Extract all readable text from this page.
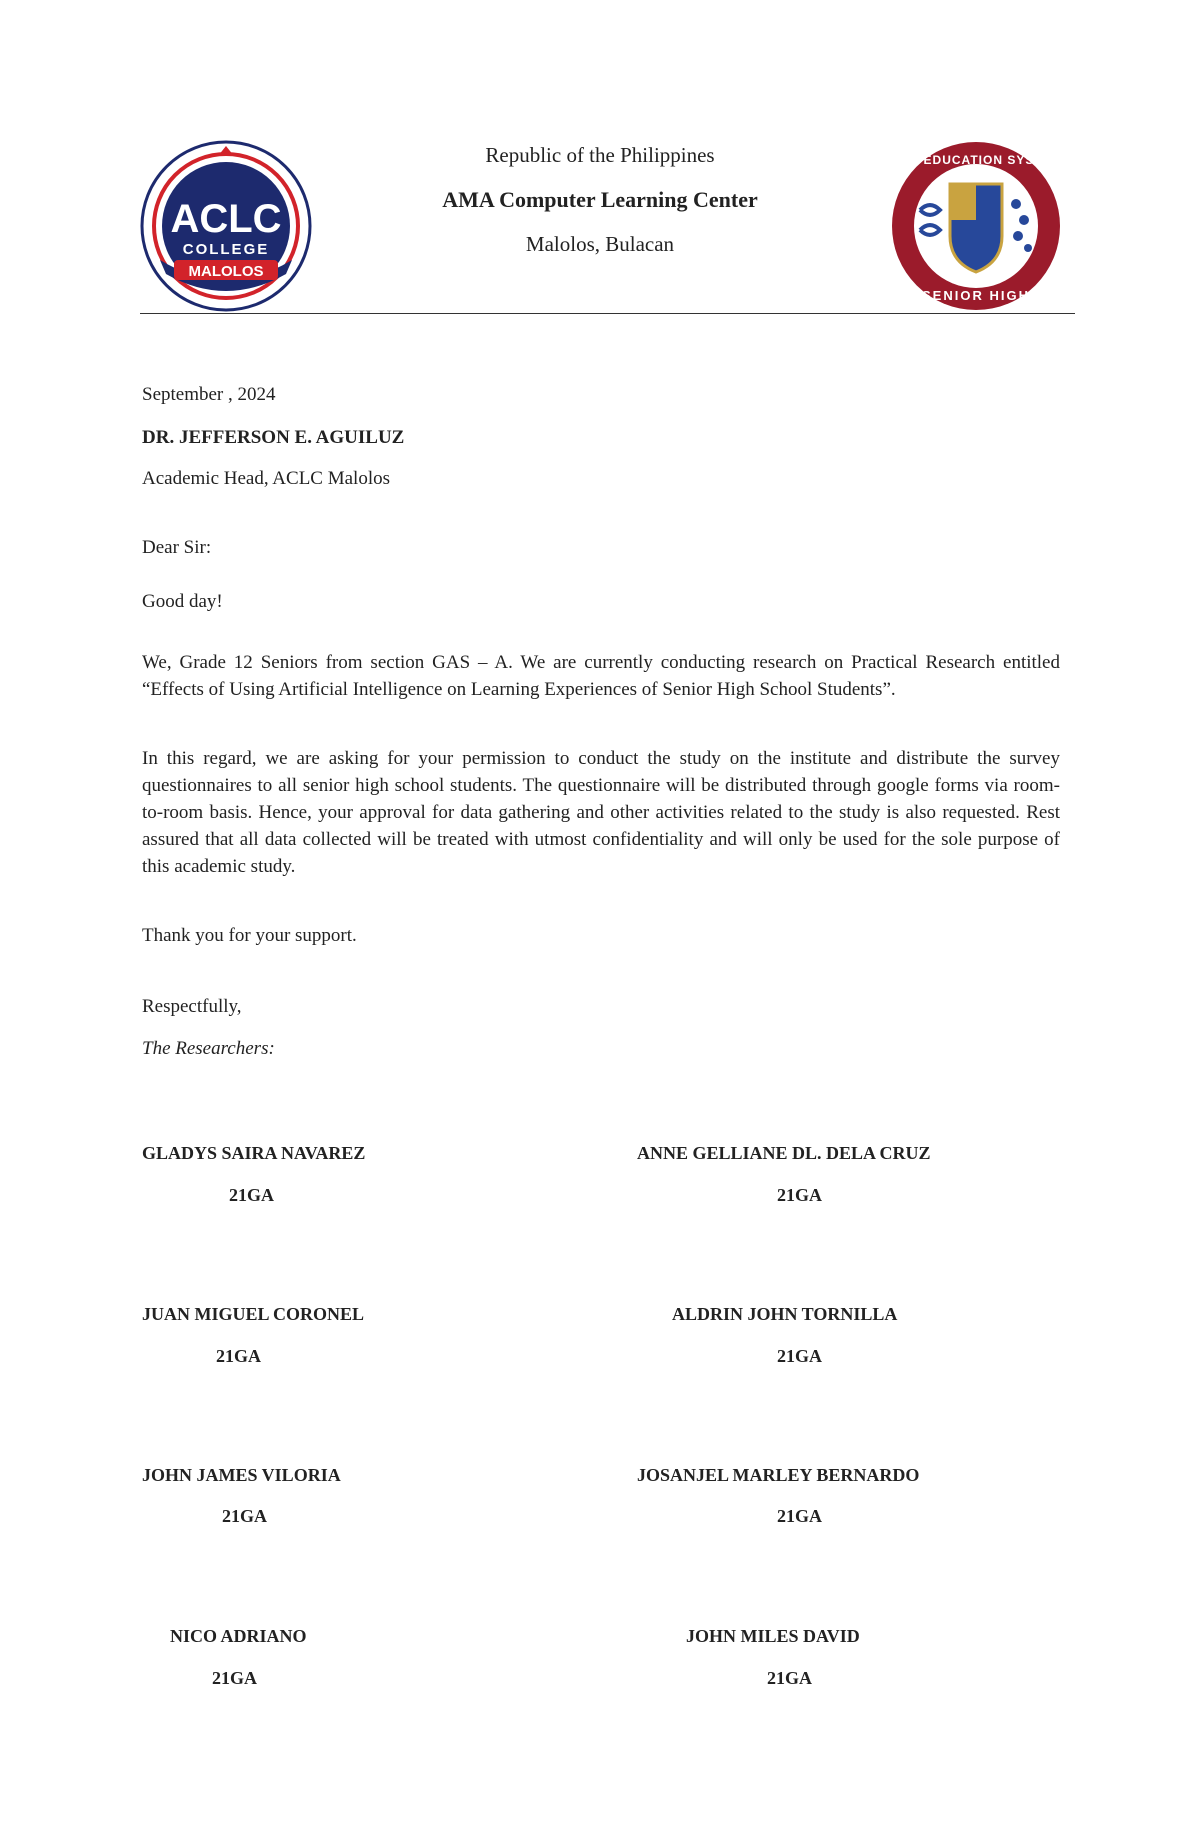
ACLC
COLLEGE
MALOLOS
Republic of the Philippines
AMA Computer Learning Center
Malolos, Bulacan
AMA EDUCATION SYSTEM
SENIOR HIGH
September , 2024
DR. JEFFERSON E. AGUILUZ
Academic Head, ACLC Malolos
Dear Sir:
Good day!
We, Grade 12 Seniors from section GAS – A. We are currently conducting research on Practical Research entitled “Effects of Using Artificial Intelligence on Learning Experiences of Senior High School Students”.
In this regard, we are asking for your permission to conduct the study on the institute and distribute the survey questionnaires to all senior high school students. The questionnaire will be distributed through google forms via room-to-room basis. Hence, your approval for data gathering and other activities related to the study is also requested. Rest assured that all data collected will be treated with utmost confidentiality and will only be used for the sole purpose of this academic study.
Thank you for your support.
Respectfully,
The Researchers:
GLADYS SAIRA NAVAREZ
21GA
ANNE GELLIANE DL. DELA CRUZ
21GA
JUAN MIGUEL CORONEL
21GA
ALDRIN JOHN TORNILLA
21GA
JOHN JAMES VILORIA
21GA
JOSANJEL MARLEY BERNARDO
21GA
NICO ADRIANO
21GA
JOHN MILES DAVID
21GA
